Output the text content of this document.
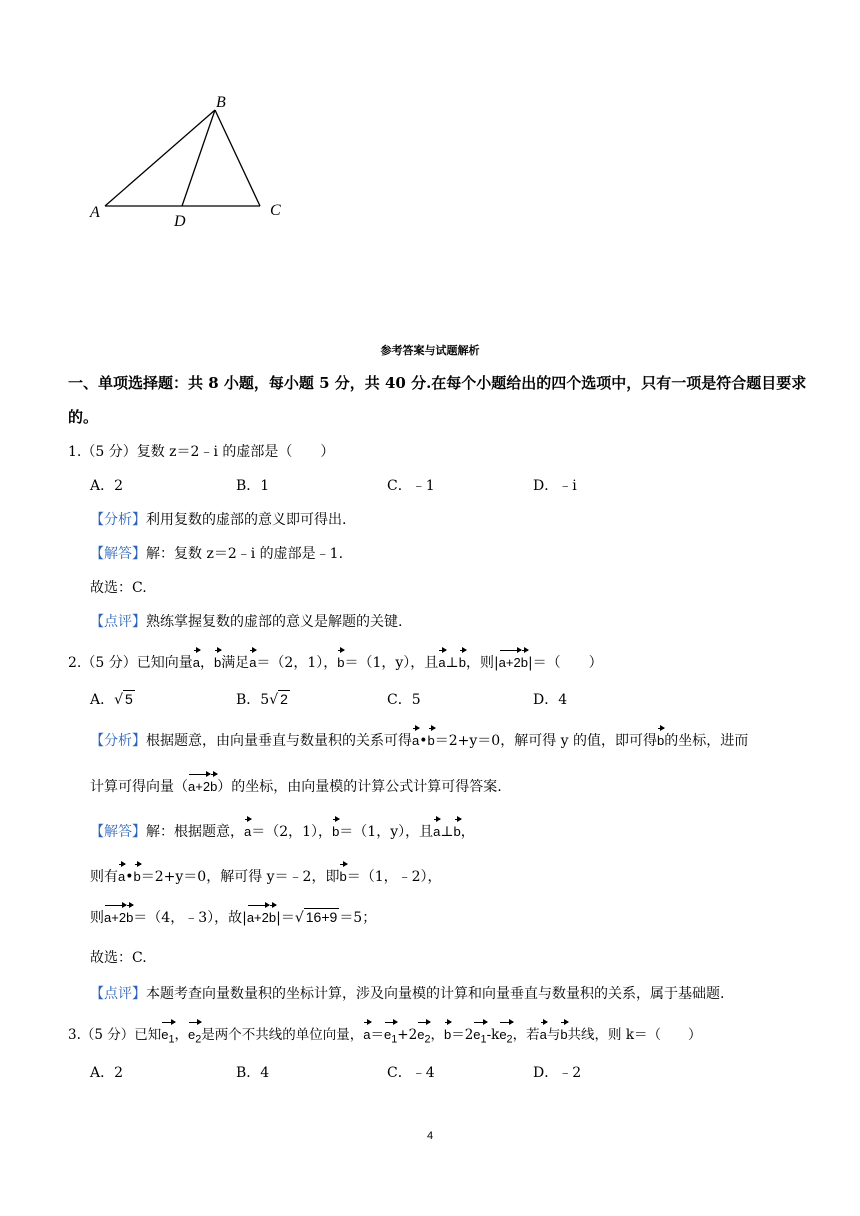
A
B
C
D
参考答案与试题解析
一、单项选择题：共 8 小题，每小题 5 分，共 40 分.在每个小题给出的四个选项中，只有一项是符合题目要求
的。
1.（5 分）复数 z＝2﹣i 的虚部是（　　）
A．2	B．1	C．﹣1	D．﹣i
【分析】利用复数的虚部的意义即可得出.
【解答】解：复数 z＝2﹣i 的虚部是﹣1.
故选：C.
【点评】熟练掌握复数的虚部的意义是解题的关键.
2.（5 分）已知向量a，b满足a＝（2，1），b＝（1，y），且a⊥b，则|a+2b|＝（　　）
A．√ 5	B．5√ 2	C．5	D．4
【分析】根据题意，由向量垂直与数量积的关系可得a•b＝2+y＝0，解可得 y 的值，即可得b的坐标，进而
计算可得向量（a+2b）的坐标，由向量模的计算公式计算可得答案.
【解答】解：根据题意，a＝（2，1），b＝（1，y），且a⊥b，
则有a•b＝2+y＝0，解可得 y＝﹣2，即b＝（1，﹣2），
则a+2b＝（4，﹣3），故|a+2b|＝√ 16+9 ＝5；
故选：C.
【点评】本题考查向量数量积的坐标计算，涉及向量模的计算和向量垂直与数量积的关系，属于基础题.
3.（5 分）已知$e_1$，$e_2$是两个不共线的单位向量，$a=e_1+2e_2$，$b=2e_1-ke_2$，若a与b共线，则 k＝（　　）
A．2	B．4	C．﹣4	D．﹣2
4
